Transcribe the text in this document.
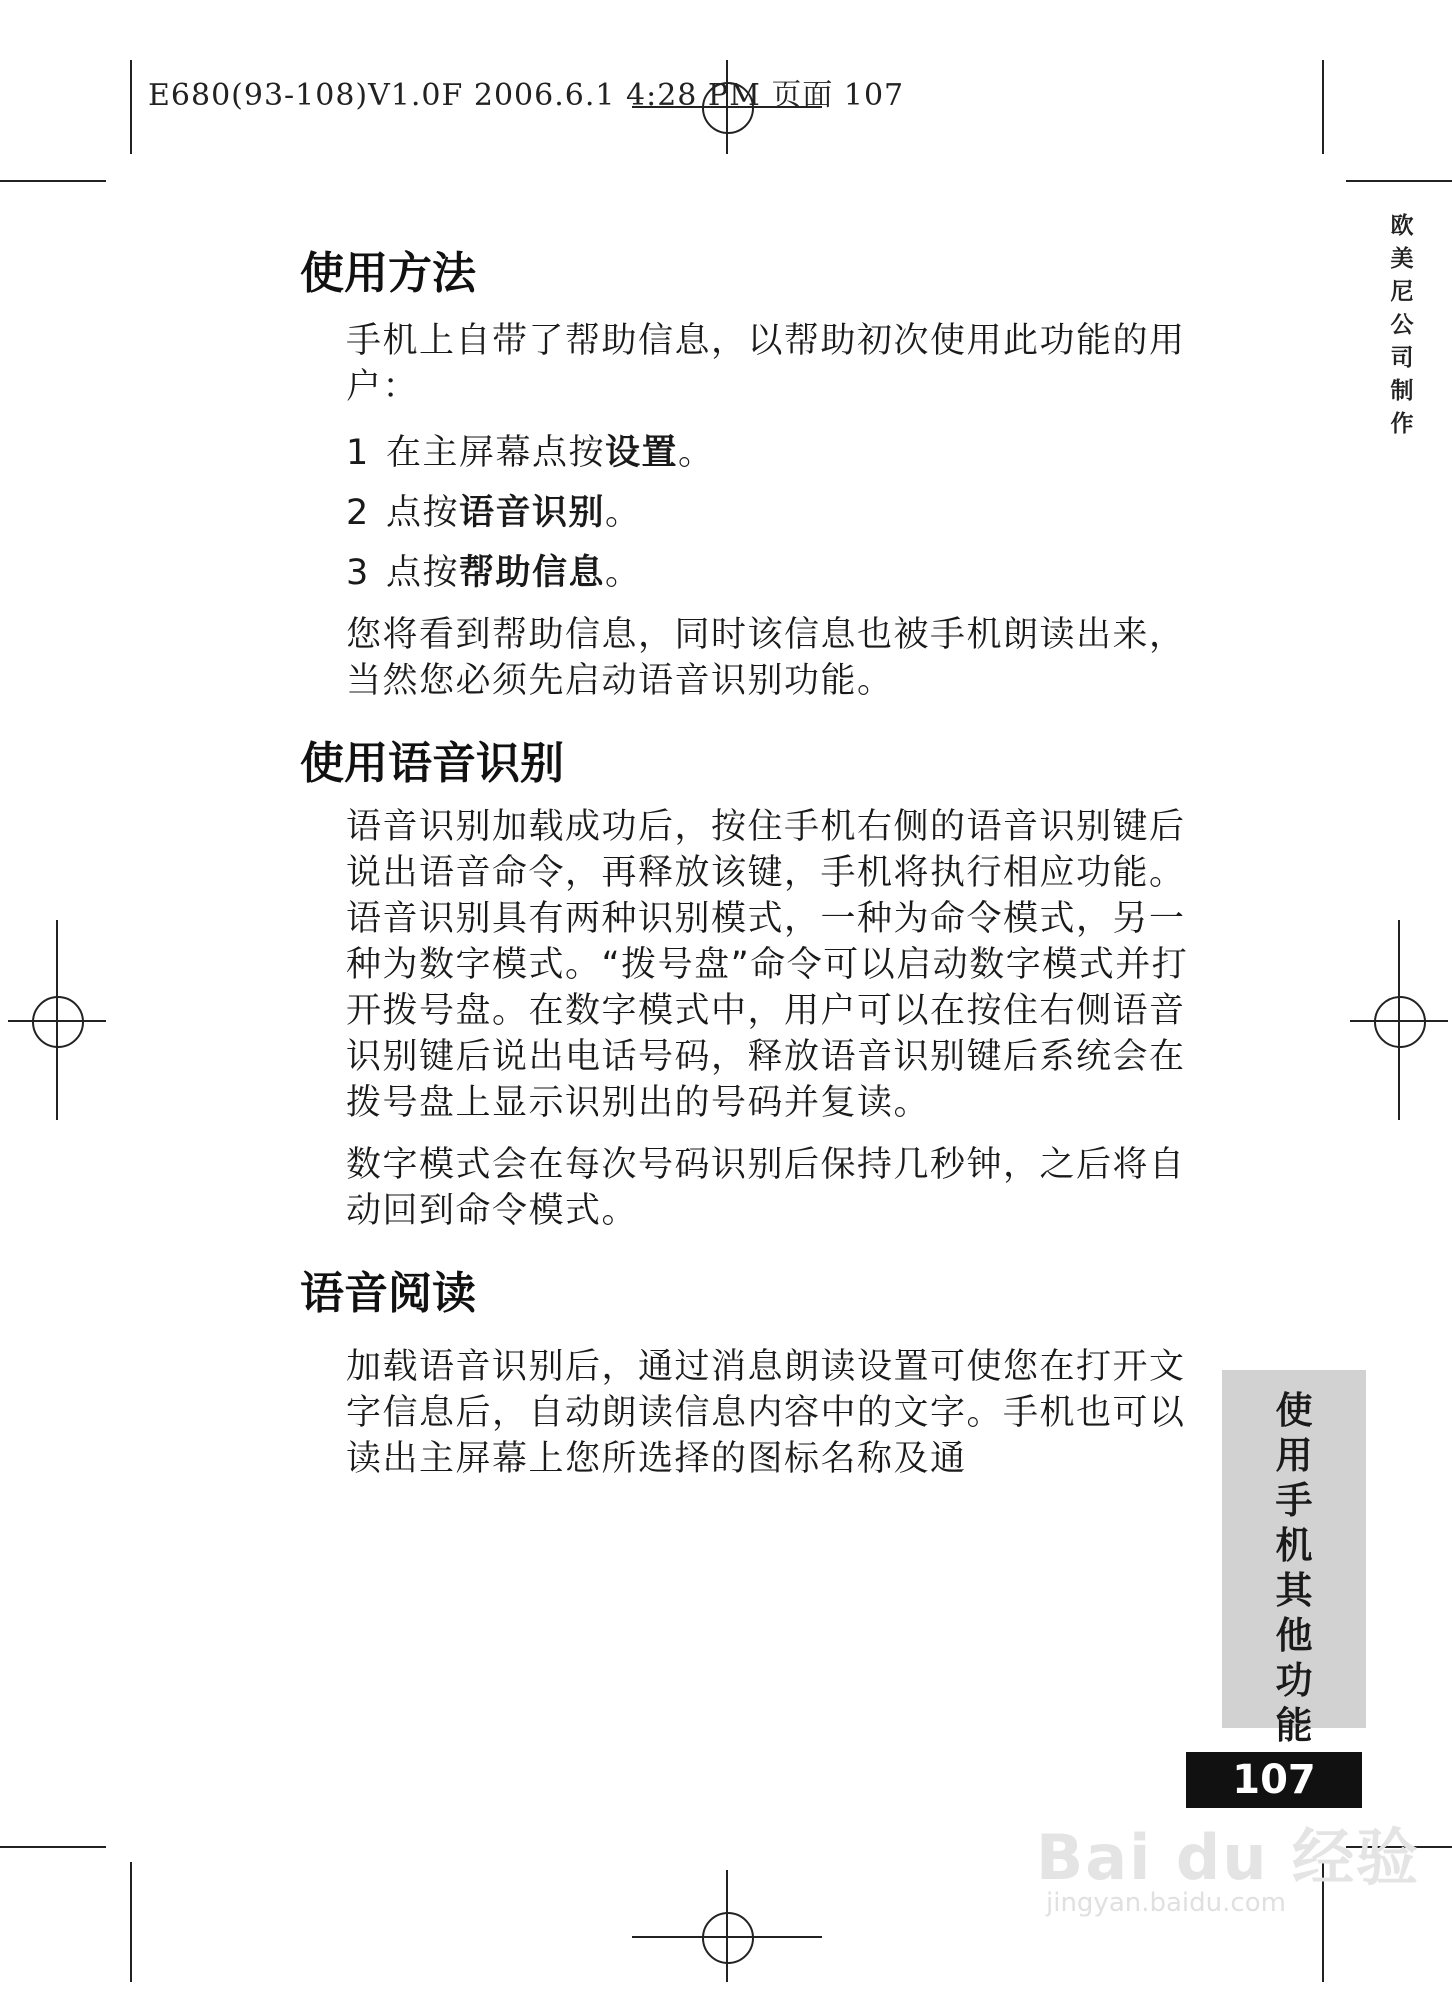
E680(93-108)V1.0F 2006.6.1 4:28 PM 页面 107
欧
美
尼
公
司
制
作
使用方法

手机上自带了帮助信息，以帮助初次使用此功能的用户：

1 在主屏幕点按设置。
2 点按语音识别。
3 点按帮助信息。

您将看到帮助信息，同时该信息也被手机朗读出来，当然您必须先启动语音识别功能。

使用语音识别

语音识别加载成功后，按住手机右侧的语音识别键后说出语音命令，再释放该键，手机将执行相应功能。语音识别具有两种识别模式，一种为命令模式，另一种为数字模式。“拨号盘”命令可以启动数字模式并打开拨号盘。在数字模式中，用户可以在按住右侧语音识别键后说出电话号码，释放语音识别键后系统会在拨号盘上显示识别出的号码并复读。

数字模式会在每次号码识别后保持几秒钟，之后将自动回到命令模式。

语音阅读

加载语音识别后，通过消息朗读设置可使您在打开文字信息后，自动朗读信息内容中的文字。手机也可以读出主屏幕上您所选择的图标名称及通

使
用
手
机
其
他
功
能
107
Bai du 经验
jingyan.baidu.com
